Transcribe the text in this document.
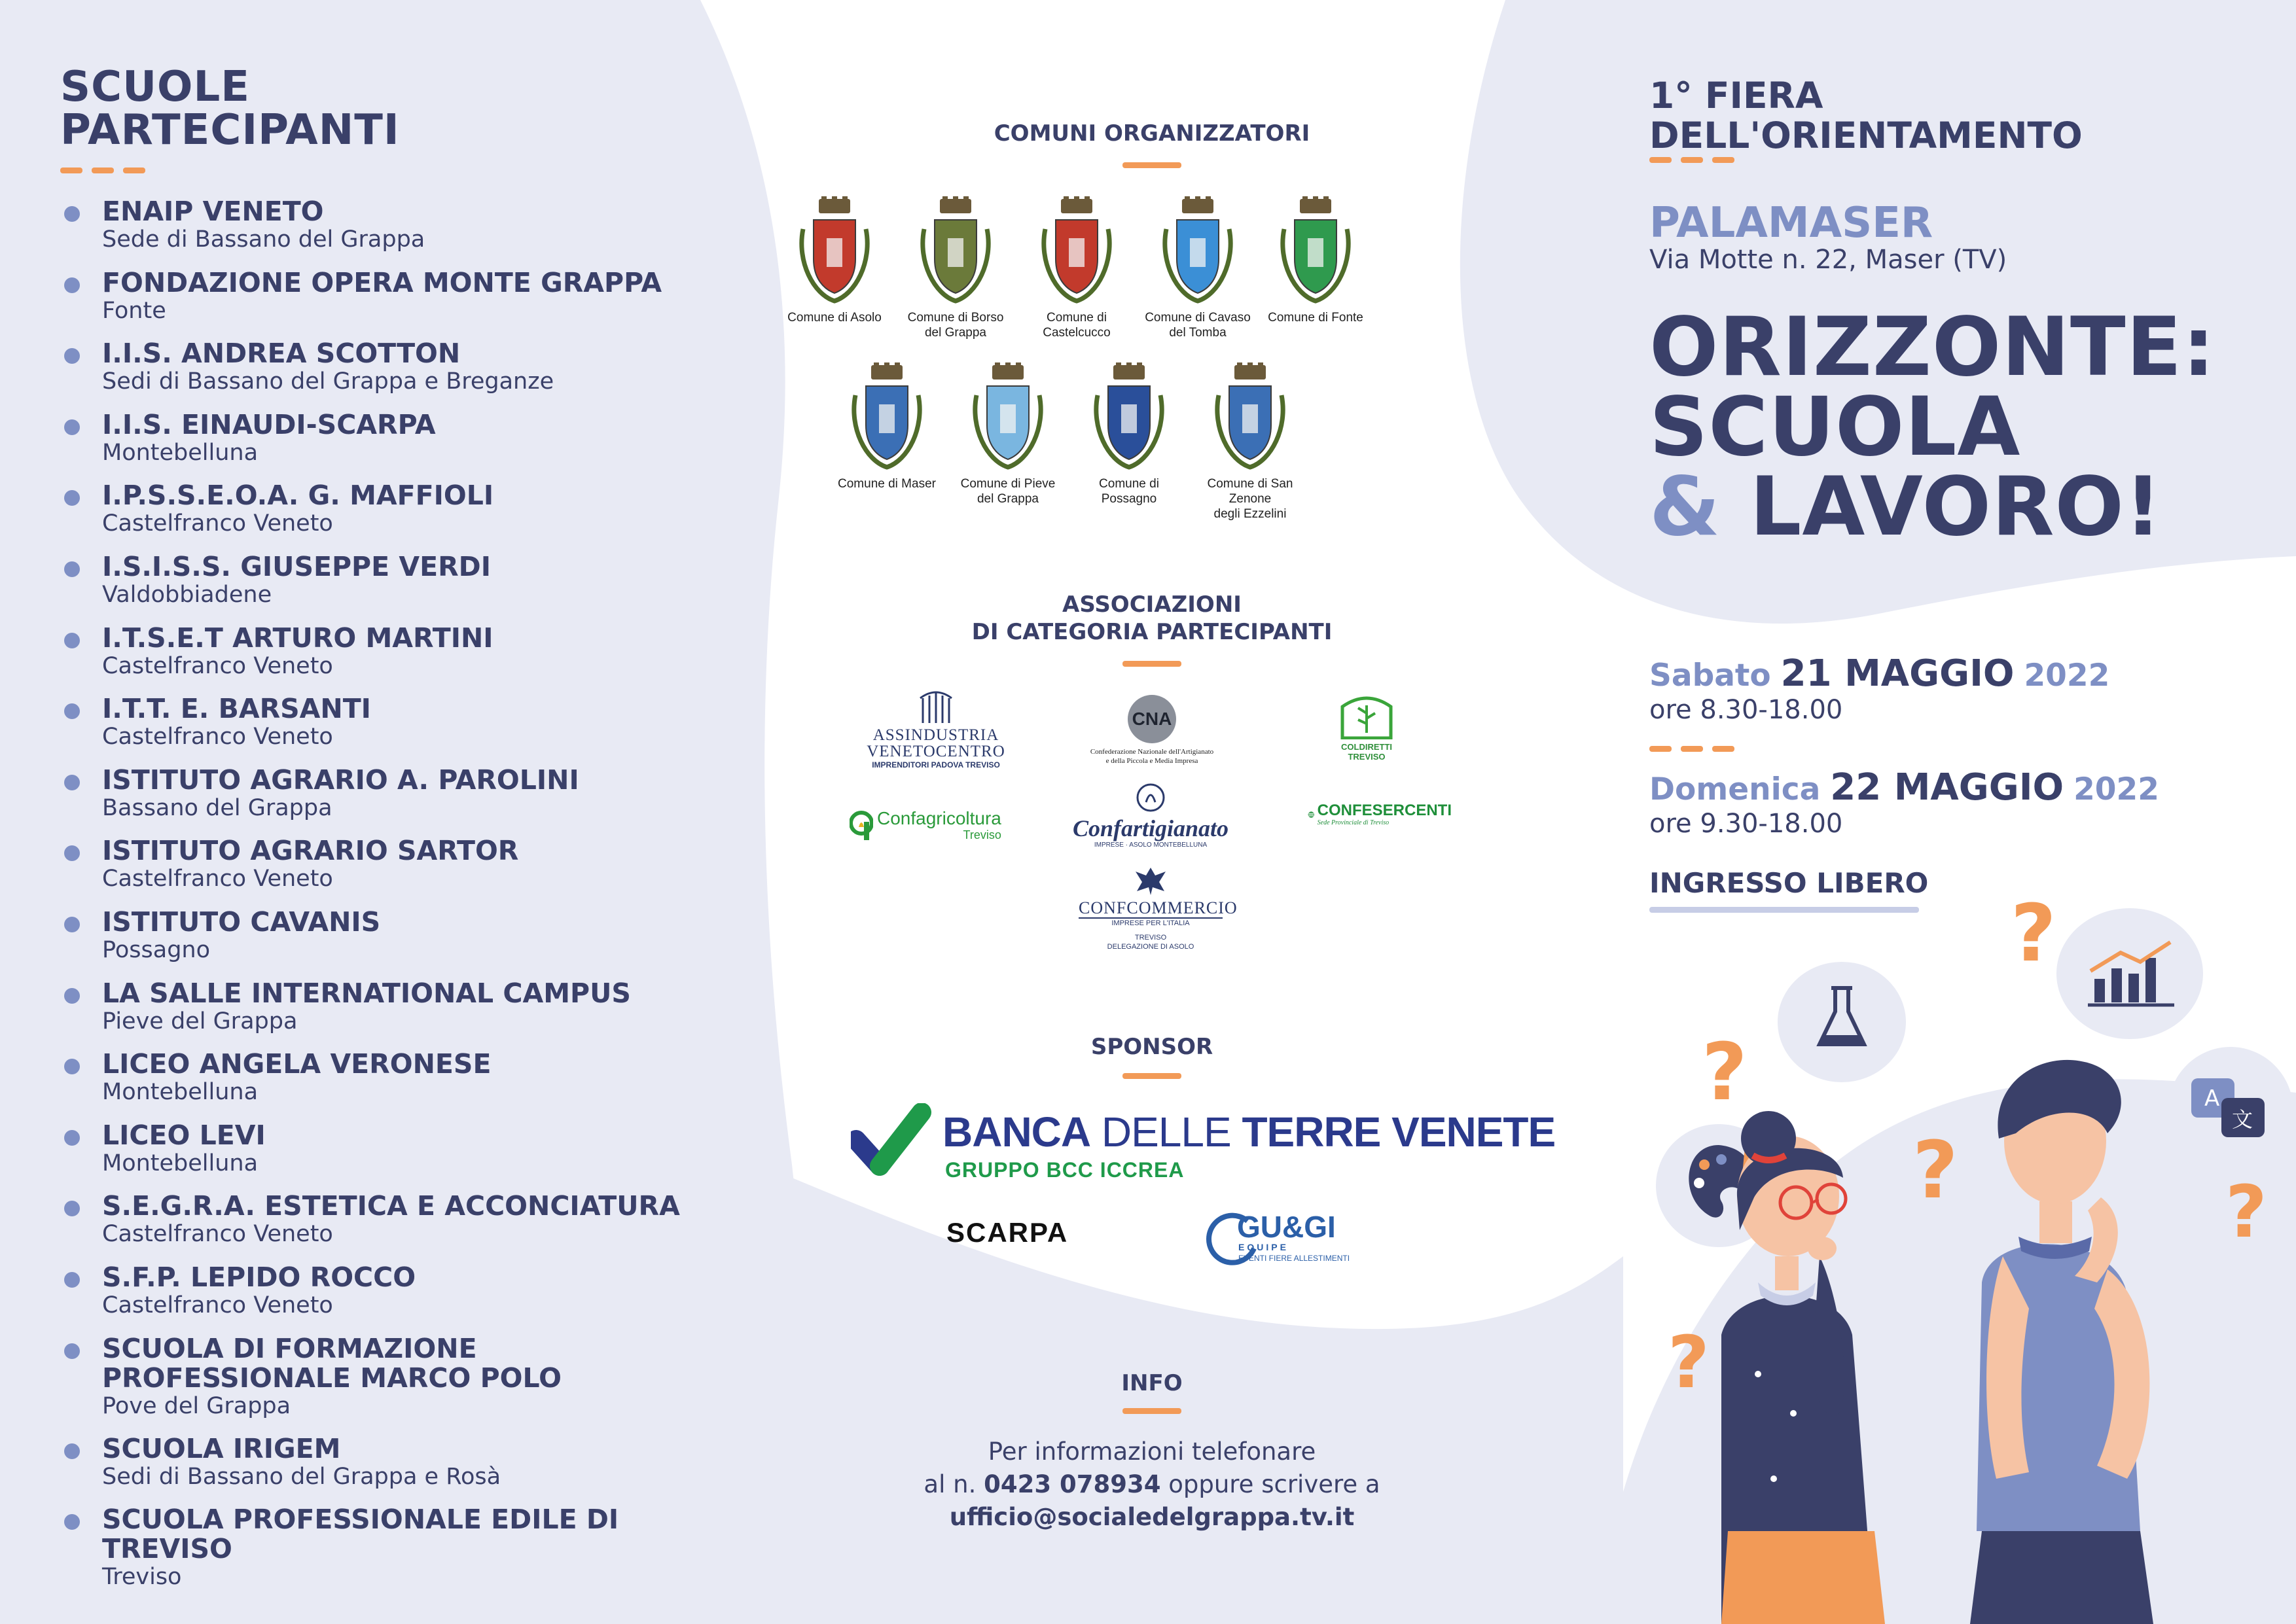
SCUOLE
PARTECIPANTI
ENAIP VENETO
Sede di Bassano del Grappa
FONDAZIONE OPERA MONTE GRAPPA
Fonte
I.I.S. ANDREA SCOTTON
Sedi di Bassano del Grappa e Breganze
I.I.S. EINAUDI-SCARPA
Montebelluna
I.P.S.S.E.O.A. G. MAFFIOLI
Castelfranco Veneto
I.S.I.S.S. GIUSEPPE VERDI
Valdobbiadene
I.T.S.E.T ARTURO MARTINI
Castelfranco Veneto
I.T.T. E. BARSANTI
Castelfranco Veneto
ISTITUTO AGRARIO A. PAROLINI
Bassano del Grappa
ISTITUTO AGRARIO SARTOR
Castelfranco Veneto
ISTITUTO CAVANIS
Possagno
LA SALLE INTERNATIONAL CAMPUS
Pieve del Grappa
LICEO ANGELA VERONESE
Montebelluna
LICEO LEVI
Montebelluna
S.E.G.R.A. ESTETICA E ACCONCIATURA
Castelfranco Veneto
S.F.P. LEPIDO ROCCO
Castelfranco Veneto
SCUOLA DI FORMAZIONE
PROFESSIONALE MARCO POLO
Pove del Grappa
SCUOLA IRIGEM
Sedi di Bassano del Grappa e Rosà
SCUOLA PROFESSIONALE EDILE DI TREVISO
Treviso
COMUNI ORGANIZZATORI
Comune di Asolo	Comune di Borso
del Grappa
Comune di Castelcucco
Comune di Cavaso
del Tomba
Comune di Fonte
Comune di Maser	Comune di Pieve
del Grappa
Comune di Possagno
Comune di San Zenone
degli Ezzelini
ASSOCIAZIONI
DI CATEGORIA PARTECIPANTI
ASSINDUSTRIA
VENETOCENTRO
IMPRENDITORI PADOVA TREVISO
CNA
Confederazione Nazionale dell'Artigianato
e della Piccola e Media Impresa
COLDIRETTI
TREVISO
Confagricoltura
Treviso	Confartigianato
IMPRESE · ASOLO MONTEBELLUNA
CONFESERCENTI
Sede Provinciale di Treviso
CONFCOMMERCIO
IMPRESE PER L'ITALIA
TREVISO
DELEGAZIONE DI ASOLO
SPONSOR
BANCA DELLE TERRE VENETE
GRUPPO BCC ICCREA
SCARPA	GU&GI
EQUIPE
EVENTI FIERE ALLESTIMENTI
INFO
Per informazioni telefonare
al n. 0423 078934 oppure scrivere a
ufficio@socialedelgrappa.tv.it
1° FIERA
DELL'ORIENTAMENTO
PALAMASER
Via Motte n. 22, Maser (TV)
ORIZZONTE:
SCUOLA
& LAVORO!
Sabato 21 MAGGIO 2022
ore 8.30-18.00
Domenica 22 MAGGIO 2022
ore 9.30-18.00
INGRESSO LIBERO
A
文
?
?
?
?
?
